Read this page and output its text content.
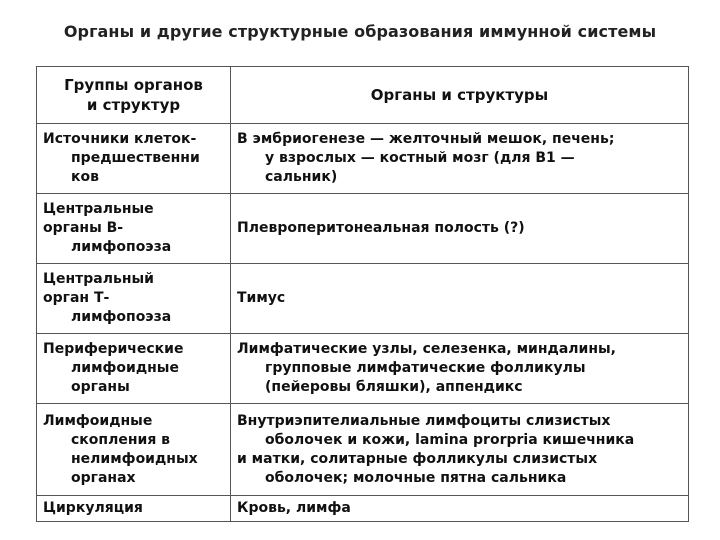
Органы и другие структурные образования иммунной системы
Группы органов
и структур	Органы и структуры

Источники клеток-
предшественни
ков	В эмбриогенезе — желточный мешок, печень;
у взрослых — костный мозг (для В1 —
сальник)

Центральные
органы В-
лимфопоэза	Плевроперитонеальная полость (?)

Центральный
орган Т-
лимфопоэза	Тимус

Периферические
лимфоидные
органы	Лимфатические узлы, селезенка, миндалины,
групповые лимфатические фолликулы
(пейеровы бляшки), аппендикс

Лимфоидные
скопления в
нелимфоидных
органах	Внутриэпителиальные лимфоциты слизистых
оболочек и кожи, lamina prorpria кишечника
и матки, солитарные фолликулы слизистых
оболочек; молочные пятна сальника

Циркуляция	Кровь, лимфа
